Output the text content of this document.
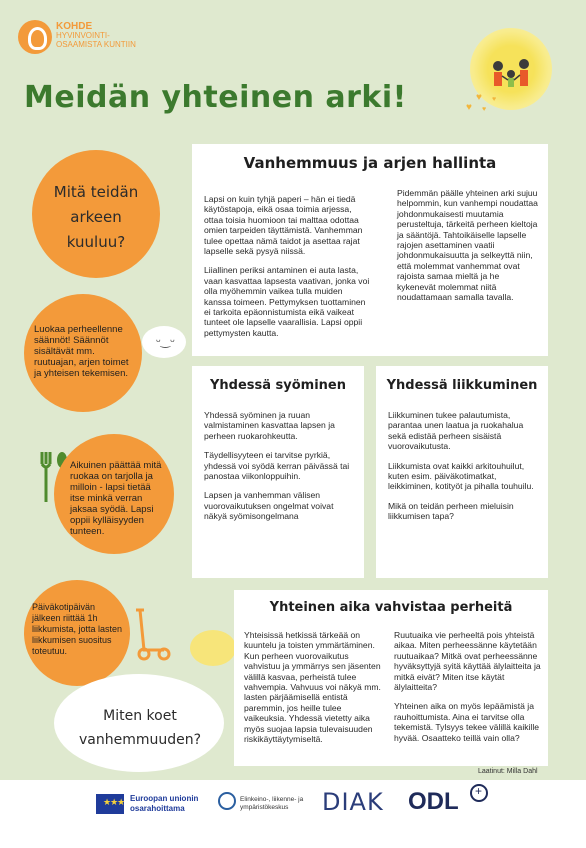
KOHDE
HYVINVOINTI-
OSAAMISTA KUNTIIN
♥
♥ ♥
♥
Meidän yhteinen arki!
Mitä teidän arkeen kuuluu?
Luokaa perheellenne säännöt! Säännöt sisältävät mm. ruutuajan, arjen toimet ja yhteisen tekemisen.
ᵕ‿ᵕ
Aikuinen päättää mitä ruokaa on tarjolla ja milloin - lapsi tietää itse minkä verran jaksaa syödä. Lapsi oppii kylläisyyden tunteen.
Päiväkotipäivän jälkeen riittää 1h liikkumista, jotta lasten liikkumisen suositus toteutuu.
Miten koet vanhemmuuden?
Vanhemmuus ja arjen hallinta

Lapsi on kuin tyhjä paperi – hän ei tiedä käytöstapoja, eikä osaa toimia arjessa, ottaa toisia huomioon tai malttaa odottaa omien tarpeiden täyttämistä. Vanhemman tulee opettaa nämä taidot ja asettaa rajat lapselle sekä pysyä niissä.

Liiallinen periksi antaminen ei auta lasta, vaan kasvattaa lapsesta vaativan, jonka voi olla myöhemmin vaikea tulla muiden kanssa toimeen. Pettymyksen tuottaminen ei tarkoita epäonnistumista eikä vaikeat tunteet ole lapselle vaarallisia. Lapsi oppii pettymysten kautta.

Pidemmän päälle yhteinen arki sujuu helpommin, kun vanhempi noudattaa johdonmukaisesti muutamia perusteltuja, tärkeitä perheen kieltoja ja sääntöjä. Tahtoikäiselle lapselle rajojen asettaminen vaatii johdonmukaisuutta ja selkeyttä niin, että molemmat vanhemmat ovat rajoista samaa mieltä ja he kykenevät molemmat niitä noudattamaan samalla tavalla.

Yhdessä syöminen

Yhdessä syöminen ja ruuan valmistaminen kasvattaa lapsen ja perheen ruokarohkeutta.

Täydellisyyteen ei tarvitse pyrkiä, yhdessä voi syödä kerran päivässä tai panostaa viikonloppuihin.

Lapsen ja vanhemman välisen vuorovaikutuksen ongelmat voivat näkyä syömisongelmana

Yhdessä liikkuminen

Liikkuminen tukee palautumista, parantaa unen laatua ja ruokahalua sekä edistää perheen sisäistä vuorovaikutusta.

Liikkumista ovat kaikki arkitouhuilut, kuten esim. päiväkotimatkat, leikkiminen, kotityöt ja pihalla touhuilu.

Mikä on teidän perheen mieluisin liikkumisen tapa?

Yhteinen aika vahvistaa perheitä

Yhteisissä hetkissä tärkeää on kuuntelu ja toisten ymmärtäminen. Kun perheen vuorovaikutus vahvistuu ja ymmärrys sen jäsenten välillä kasvaa, perheistä tulee vahvempia. Vahvuus voi näkyä mm. lasten pärjäämisellä entistä paremmin, jos heille tulee vaikeuksia. Yhdessä vietetty aika myös suojaa lapsia tulevaisuuden riskikäyttäytymiseltä.

Ruutuaika vie perheeltä pois yhteistä aikaa. Miten perheessänne käytetään ruutuaikaa? Mitkä ovat perheessänne hyväksyttyjä syitä käyttää älylaitteita ja mitkä eivät? Miten itse käytät älylaitteita?

Yhteinen aika on myös lepäämistä ja rauhoittumista. Aina ei tarvitse olla tekemistä. Tylsyys tekee välillä kaikille hyvää. Osaatteko teillä vain olla?

Laatinut: Milla Dahl
★★★ Euroopan unionin
osarahoittama
Elinkeino-, liikenne- ja
ympäristökeskus	DIAK ODL +
